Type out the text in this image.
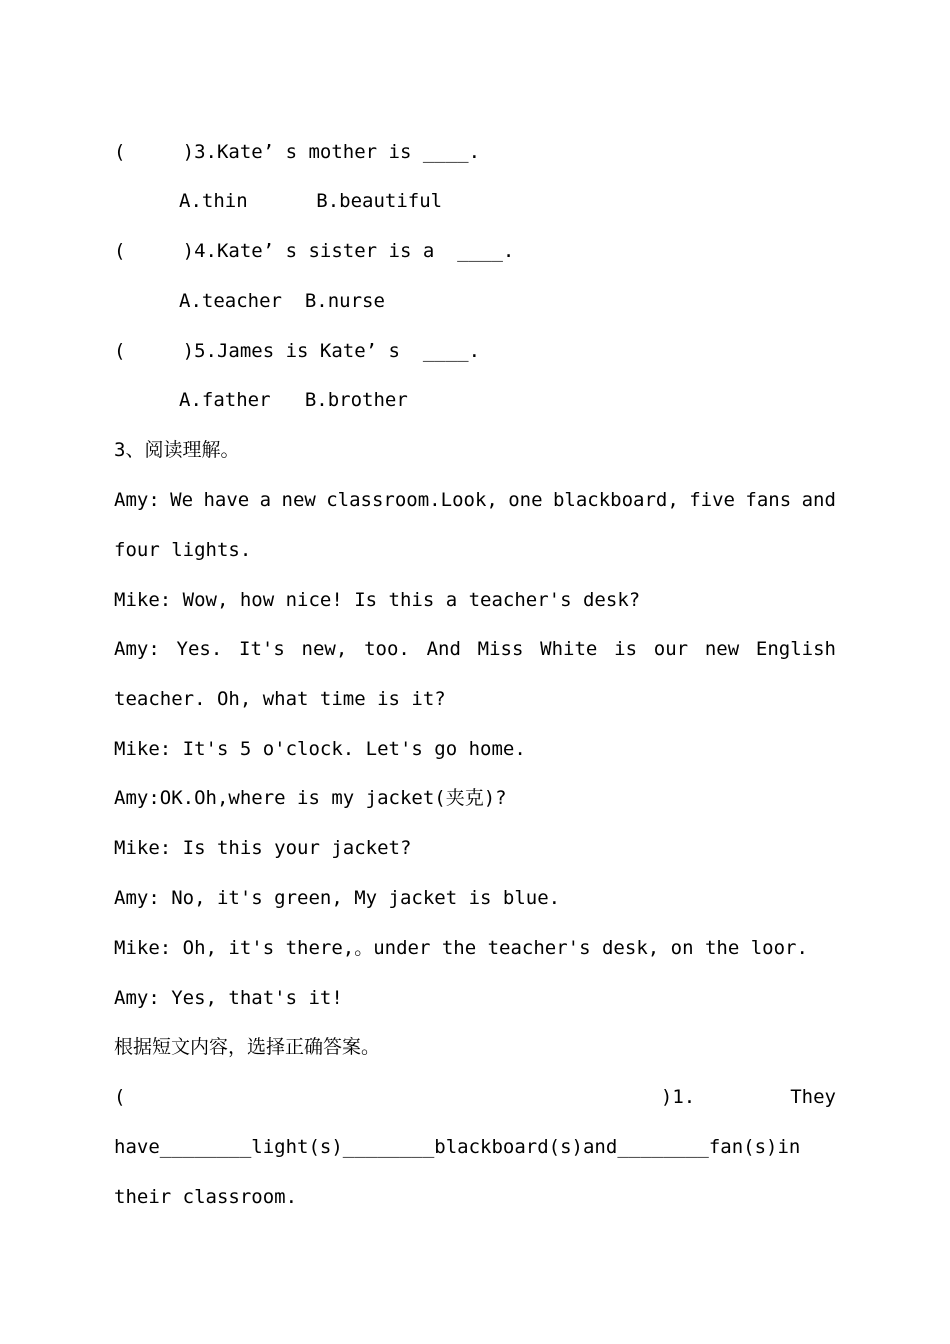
(     )3.Kate’ s mother is ____.
A.thin      B.beautiful
(     )4.Kate’ s sister is a  ____.
A.teacher  B.nurse
(     )5.James is Kate’ s  ____.
A.father   B.brother
3、阅读理解。
Amy: We have a new classroom.Look, one blackboard, five fans and
four lights.
Mike: Wow, how nice! Is this a teacher's desk?
Amy: Yes. It's new, too. And Miss White is our new English
teacher. Oh, what time is it?
Mike: It's 5 o'clock. Let's go home.
Amy:OK.Oh,where is my jacket(夹克)?
Mike: Is this your jacket?
Amy: No, it's green, My jacket is blue.
Mike: Oh, it's there,。under the teacher's desk, on the loor.
Amy: Yes, that's it!
根据短文内容，选择正确答案。
(	)1.	They
have________light(s)________blackboard(s)and________fan(s)in
their classroom.
